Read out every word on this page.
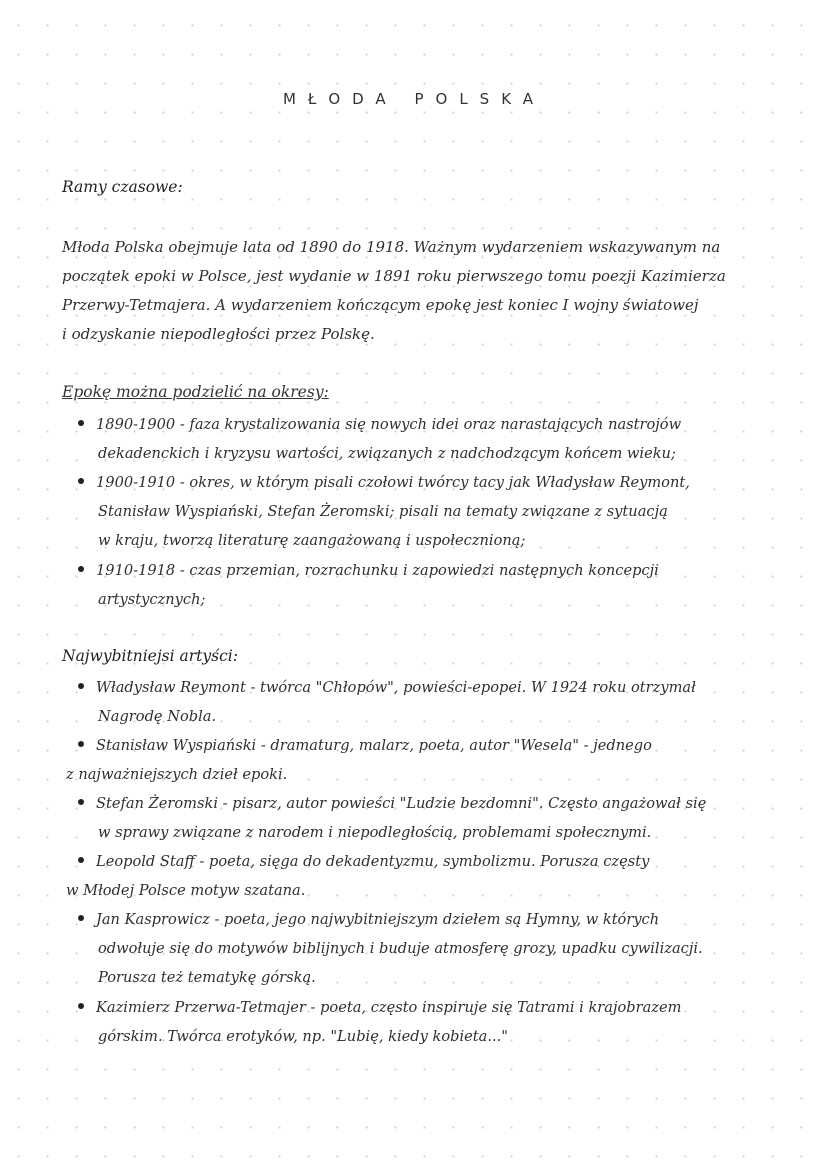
MŁODA POLSKA
Ramy czasowe:
Młoda Polska obejmuje lata od 1890 do 1918. Ważnym wydarzeniem wskazywanym na
początek epoki w Polsce, jest wydanie w 1891 roku pierwszego tomu poezji Kazimierza
Przerwy-Tetmajera. A wydarzeniem kończącym epokę jest koniec I wojny światowej
i odzyskanie niepodległości przez Polskę.
Epokę można podzielić na okresy:
1890-1900 - faza krystalizowania się nowych idei oraz narastających nastrojów
dekadenckich i kryzysu wartości, związanych z nadchodzącym końcem wieku;
1900-1910 - okres, w którym pisali czołowi twórcy tacy jak Władysław Reymont,
Stanisław Wyspiański, Stefan Żeromski; pisali na tematy związane z sytuacją
w kraju, tworzą literaturę zaangażowaną i uspołecznioną;
1910-1918 - czas przemian, rozrachunku i zapowiedzi następnych koncepcji
artystycznych;
Najwybitniejsi artyści:
Władysław Reymont - twórca "Chłopów", powieści-epopei. W 1924 roku otrzymał
Nagrodę Nobla.
Stanisław Wyspiański - dramaturg, malarz, poeta, autor "Wesela" - jednego
z najważniejszych dzieł epoki.
Stefan Żeromski - pisarz, autor powieści "Ludzie bezdomni". Często angażował się
w sprawy związane z narodem i niepodległością, problemami społecznymi.
Leopold Staff - poeta, sięga do dekadentyzmu, symbolizmu. Porusza częsty
w Młodej Polsce motyw szatana.
Jan Kasprowicz - poeta, jego najwybitniejszym dziełem są Hymny, w których
odwołuje się do motywów biblijnych i buduje atmosferę grozy, upadku cywilizacji.
Porusza też tematykę górską.
Kazimierz Przerwa-Tetmajer - poeta, często inspiruje się Tatrami i krajobrazem
górskim. Twórca erotyków, np. "Lubię, kiedy kobieta..."
